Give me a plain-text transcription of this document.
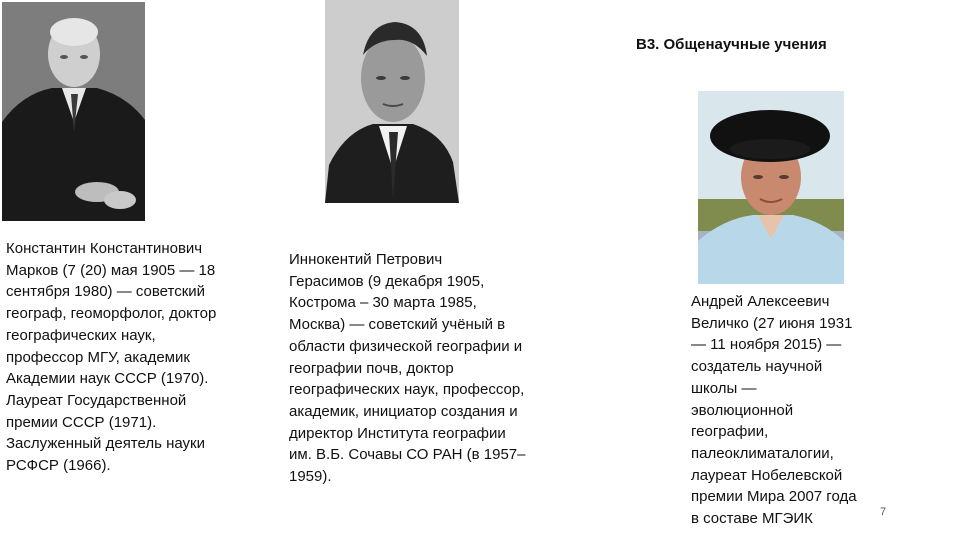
В3. Общенаучные учения
Константин Константинович
Марков (7 (20) мая 1905 — 18
сентября 1980) — советский
географ, геоморфолог, доктор
географических наук,
профессор МГУ, академик
Академии наук СССР (1970).
Лауреат Государственной
премии СССР (1971).
Заслуженный деятель науки
РСФСР (1966).
Иннокентий Петрович
Герасимов (9 декабря 1905,
Кострома – 30 марта 1985,
Москва) — советский учёный в
области физической географии и
географии почв, доктор
географических наук, профессор,
академик, инициатор создания и
директор Института географии
им. В.Б. Сочавы СО РАН (в 1957–
1959).
Андрей Алексеевич
Величко (27 июня 1931
— 11 ноября 2015) —
создатель научной
школы —
эволюционной
географии,
палеоклиматалогии,
лауреат Нобелевской
премии Мира 2007 года
в составе МГЭИК	7
